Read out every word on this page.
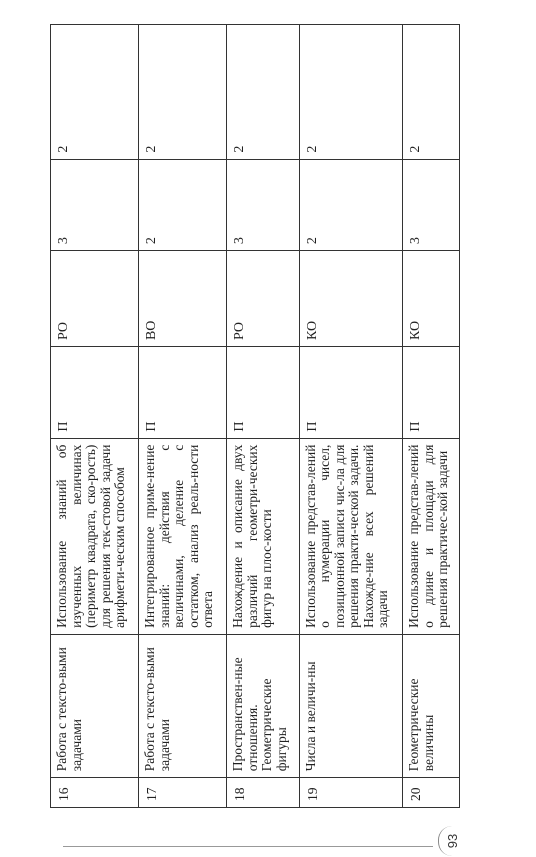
16	Работа с тексто-выми задачами	Использование знаний об изученных величинах (периметр квадрата, ско-рость) для решения тек-стовой задачи арифмети-ческим способом	П	РО	3	2
17	Работа с тексто-выми задачами	Интегрированное приме-нение знаний: действия с величинами, деление с остатком, анализ реаль-ности ответа	П	ВО	2	2
18	Пространствен-ные отношения. Геометрические фигуры	Нахождение и описание двух различий геометри-ческих фигур на плос-кости	П	РО	3	2
19	Числа и величи-ны	Использование представ-лений о нумерации чисел, позиционной записи чис-ла для решения практи-ческой задачи. Нахожде-ние всех решений задачи	П	КО	2	2
20	Геометрические величины	Использование представ-лений о длине и площади для решения практичес-кой задачи	П	КО	3	2
93
